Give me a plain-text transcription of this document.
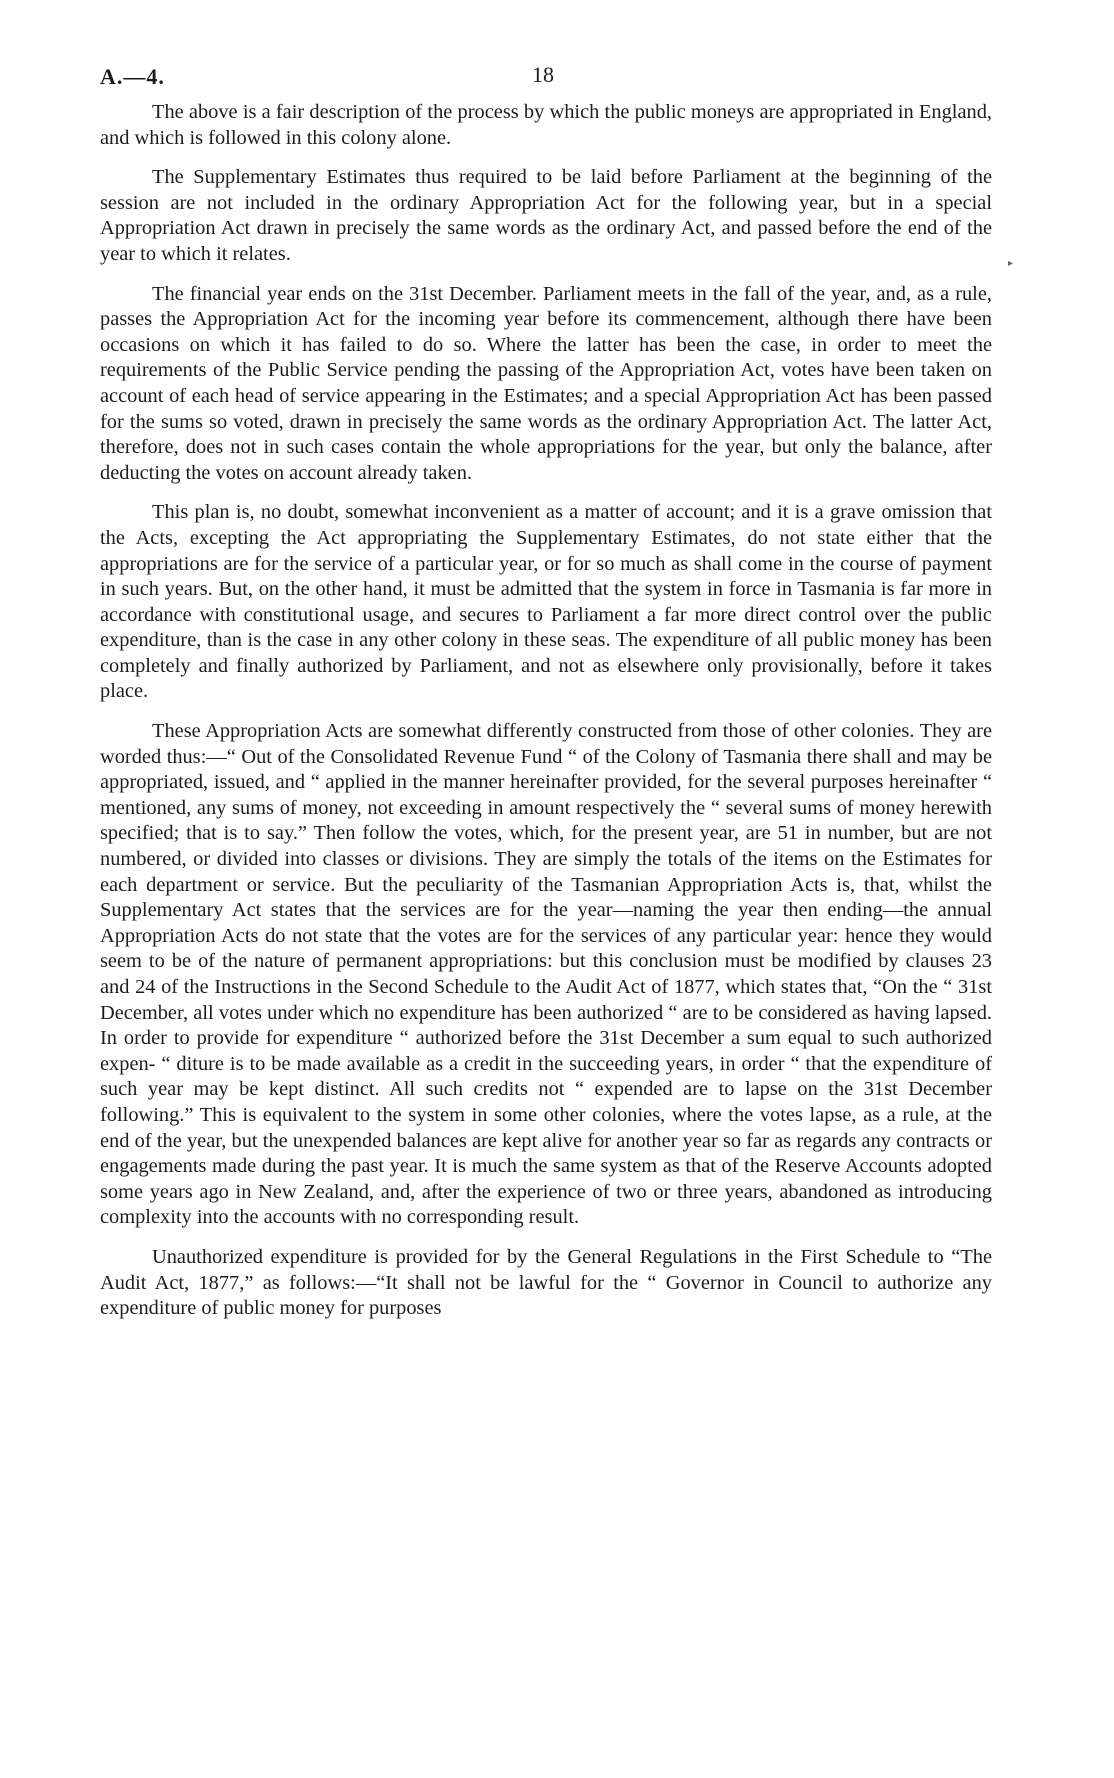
A.—4.	18

The above is a fair description of the process by which the public moneys are appropriated in England, and which is followed in this colony alone.

The Supplementary Estimates thus required to be laid before Parliament at the beginning of the session are not included in the ordinary Appropriation Act for the following year, but in a special Appropriation Act drawn in precisely the same words as the ordinary Act, and passed before the end of the year to which it relates.

The financial year ends on the 31st December. Parliament meets in the fall of the year, and, as a rule, passes the Appropriation Act for the incoming year before its commencement, although there have been occasions on which it has failed to do so. Where the latter has been the case, in order to meet the requirements of the Public Service pending the passing of the Appropriation Act, votes have been taken on account of each head of service appearing in the Estimates; and a special Appropriation Act has been passed for the sums so voted, drawn in precisely the same words as the ordinary Appropriation Act. The latter Act, therefore, does not in such cases contain the whole appropriations for the year, but only the balance, after deducting the votes on account already taken.

This plan is, no doubt, somewhat inconvenient as a matter of account; and it is a grave omission that the Acts, excepting the Act appropriating the Supplementary Estimates, do not state either that the appropriations are for the service of a particular year, or for so much as shall come in the course of payment in such years. But, on the other hand, it must be admitted that the system in force in Tasmania is far more in accordance with constitutional usage, and secures to Parliament a far more direct control over the public expenditure, than is the case in any other colony in these seas. The expenditure of all public money has been completely and finally authorized by Parliament, and not as elsewhere only provisionally, before it takes place.

These Appropriation Acts are somewhat differently constructed from those of other colonies. They are worded thus:—“ Out of the Consolidated Revenue Fund “ of the Colony of Tasmania there shall and may be appropriated, issued, and “ applied in the manner hereinafter provided, for the several purposes hereinafter “ mentioned, any sums of money, not exceeding in amount respectively the “ several sums of money herewith specified; that is to say.” Then follow the votes, which, for the present year, are 51 in number, but are not numbered, or divided into classes or divisions. They are simply the totals of the items on the Estimates for each department or service. But the peculiarity of the Tasmanian Appropriation Acts is, that, whilst the Supplementary Act states that the services are for the year—naming the year then ending—the annual Appropriation Acts do not state that the votes are for the services of any particular year: hence they would seem to be of the nature of permanent appropriations: but this conclusion must be modified by clauses 23 and 24 of the Instructions in the Second Schedule to the Audit Act of 1877, which states that, “On the “ 31st December, all votes under which no expenditure has been authorized “ are to be considered as having lapsed. In order to provide for expenditure “ authorized before the 31st December a sum equal to such authorized expen- “ diture is to be made available as a credit in the succeeding years, in order “ that the expenditure of such year may be kept distinct. All such credits not “ expended are to lapse on the 31st December following.” This is equivalent to the system in some other colonies, where the votes lapse, as a rule, at the end of the year, but the unexpended balances are kept alive for another year so far as regards any contracts or engagements made during the past year. It is much the same system as that of the Reserve Accounts adopted some years ago in New Zealand, and, after the experience of two or three years, abandoned as introducing complexity into the accounts with no corresponding result.

Unauthorized expenditure is provided for by the General Regulations in the First Schedule to “The Audit Act, 1877,” as follows:—“It shall not be lawful for the “ Governor in Council to authorize any expenditure of public money for purposes

▸
